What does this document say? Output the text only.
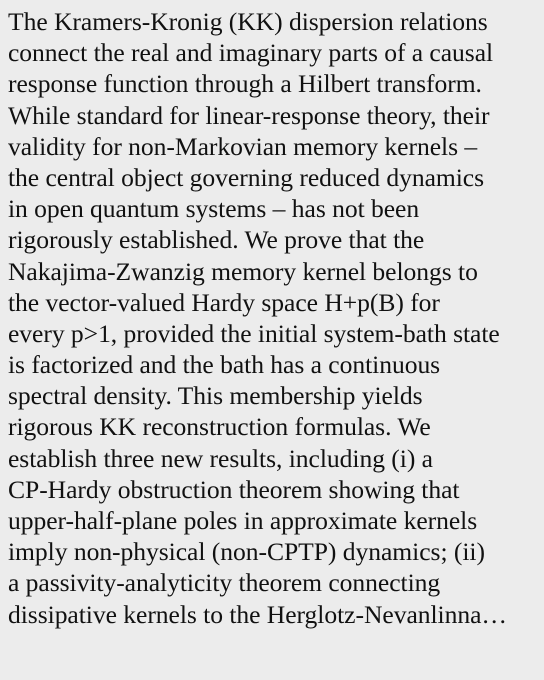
The Kramers-Kronig (KK) dispersion relations
connect the real and imaginary parts of a causal
response function through a Hilbert transform.
While standard for linear-response theory, their
validity for non-Markovian memory kernels –
the central object governing reduced dynamics
in open quantum systems – has not been
rigorously established. We prove that the
Nakajima-Zwanzig memory kernel belongs to
the vector-valued Hardy space H+p(B) for
every p>1, provided the initial system-bath state
is factorized and the bath has a continuous
spectral density. This membership yields
rigorous KK reconstruction formulas. We
establish three new results, including (i) a
CP-Hardy obstruction theorem showing that
upper-half-plane poles in approximate kernels
imply non-physical (non-CPTP) dynamics; (ii)
a passivity-analyticity theorem connecting
dissipative kernels to the Herglotz-Nevanlinna…
